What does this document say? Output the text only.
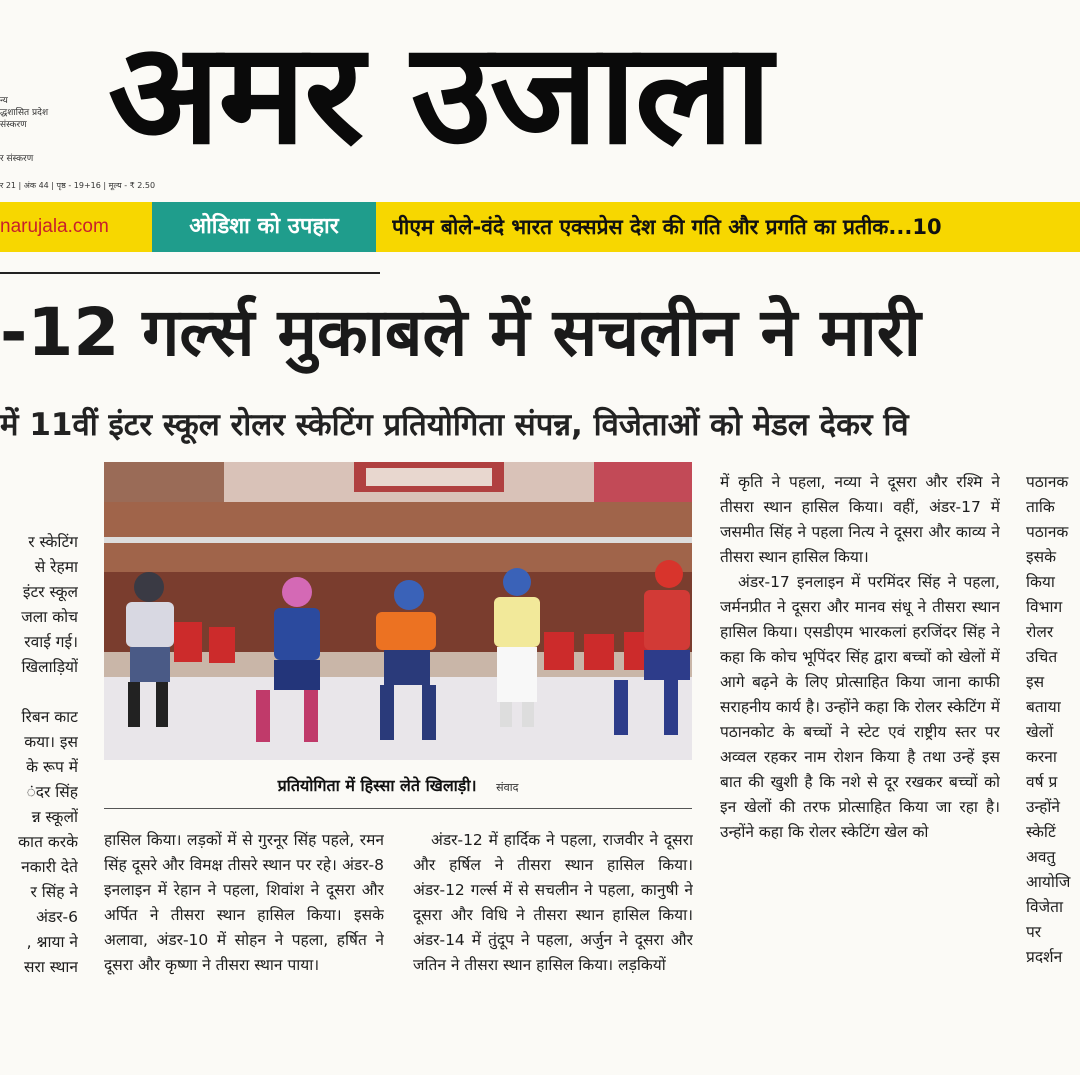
न्य
द्धशासित प्रदेश
संस्करण
र संस्करण
र 21 | अंक 44 | पृष्ठ - 19+16 | मूल्य - ₹ 2.50
अमर उजाला
narujala.com	ओडिशा को उपहार	पीएम बोले-वंदे भारत एक्सप्रेस देश की गति और प्रगति का प्रतीक...10
-12 गर्ल्स मुकाबले में सचलीन ने मारी
में 11वीं इंटर स्कूल रोलर स्केटिंग प्रतियोगिता संपन्न, विजेताओं को मेडल देकर वि
प्रतियोगिता में हिस्सा लेते खिलाड़ी। संवाद
र स्केटिंग
से रेहमा
इंटर स्कूल
जला कोच
रवाई गई।
खिलाड़ियों
रिबन काट
कया। इस
के रूप में
ंदर सिंह
न्न स्कूलों
कात करके
नकारी देते
र सिंह ने
अंडर-6
, श्नाया ने
सरा स्थान

हासिल किया। लड़कों में से गुरनूर सिंह पहले, रमन सिंह दूसरे और विमक्ष तीसरे स्थान पर रहे। अंडर-8 इनलाइन में रेहान ने पहला, शिवांश ने दूसरा और अर्पित ने तीसरा स्थान हासिल किया। इसके अलावा, अंडर-10 में सोहन ने पहला, हर्षित ने दूसरा और कृष्णा ने तीसरा स्थान पाया।

अंडर-12 में हार्दिक ने पहला, राजवीर ने दूसरा और हर्षिल ने तीसरा स्थान हासिल किया। अंडर-12 गर्ल्स में से सचलीन ने पहला, कानुषी ने दूसरा और विधि ने तीसरा स्थान हासिल किया। अंडर-14 में तुंदूप ने पहला, अर्जुन ने दूसरा और जतिन ने तीसरा स्थान हासिल किया। लड़कियों

में कृति ने पहला, नव्या ने दूसरा और रश्मि ने तीसरा स्थान हासिल किया। वहीं, अंडर-17 में जसमीत सिंह ने पहला नित्य ने दूसरा और काव्य ने तीसरा स्थान हासिल किया।

अंडर-17 इनलाइन में परमिंदर सिंह ने पहला, जर्मनप्रीत ने दूसरा और मानव संधू ने तीसरा स्थान हासिल किया। एसडीएम भारकलां हरजिंदर सिंह ने कहा कि कोच भूपिंदर सिंह द्वारा बच्चों को खेलों में आगे बढ़ने के लिए प्रोत्साहित किया जाना काफी सराहनीय कार्य है। उन्होंने कहा कि रोलर स्केटिंग में पठानकोट के बच्चों ने स्टेट एवं राष्ट्रीय स्तर पर अव्वल रहकर नाम रोशन किया है तथा उन्हें इस बात की खुशी है कि नशे से दूर रखकर बच्चों को इन खेलों की तरफ प्रोत्साहित किया जा रहा है। उन्होंने कहा कि रोलर स्केटिंग खेल को

पठानक
ताकि
पठानक
इसके
किया
विभाग
रोलर
उचित
इस
बताया
खेलों
करना
वर्ष प्र
उन्होंने
स्केटिं
अवतु
आयोजि
विजेता
पर
प्रदर्शन
